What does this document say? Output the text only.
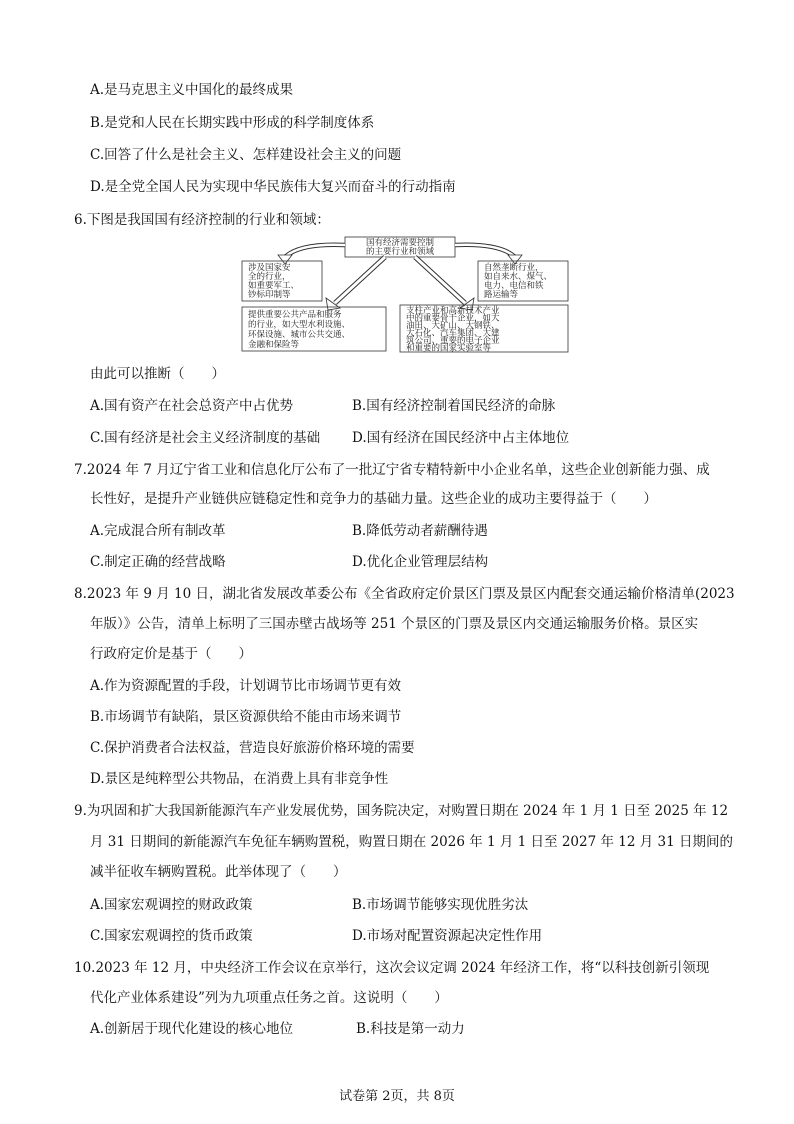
A.是马克思主义中国化的最终成果
B.是党和人民在长期实践中形成的科学制度体系
C.回答了什么是社会主义、怎样建设社会主义的问题
D.是全党全国人民为实现中华民族伟大复兴而奋斗的行动指南
6.下图是我国国有经济控制的行业和领域：
国有经济需要控制
的主要行业和领域
涉及国家安
全的行业，
如重要军工、
钞标印制等
自然垄断行业，
如自来水、煤气、
电力、电信和铁
路运输等
提供重要公共产品和服务
的行业，如大型水利设施、
环保设施、城市公共交通、
金融和保险等
支柱产业和高新技术产业
中的重要骨干企业，如大
油田、大矿山、大钢铁、
大石化、汽车集团、大建
筑公司、重要的电子企业
和重要的国家实验室等
由此可以推断（　　）
A.国有资产在社会总资产中占优势	B.国有经济控制着国民经济的命脉
C.国有经济是社会主义经济制度的基础 D.国有经济在国民经济中占主体地位
7.2024 年 7 月辽宁省工业和信息化厅公布了一批辽宁省专精特新中小企业名单，这些企业创新能力强、成
长性好，是提升产业链供应链稳定性和竞争力的基础力量。这些企业的成功主要得益于（　　）
A.完成混合所有制改革	B.降低劳动者薪酬待遇
C.制定正确的经营战略	D.优化企业管理层结构
8.2023 年 9 月 10 日，湖北省发展改革委公布《全省政府定价景区门票及景区内配套交通运输价格清单(2023
年版）》公告，清单上标明了三国赤壁古战场等 251 个景区的门票及景区内交通运输服务价格。景区实
行政府定价是基于（　　）
A.作为资源配置的手段，计划调节比市场调节更有效
B.市场调节有缺陷，景区资源供给不能由市场来调节
C.保护消费者合法权益，营造良好旅游价格环境的需要
D.景区是纯粹型公共物品，在消费上具有非竞争性
9.为巩固和扩大我国新能源汽车产业发展优势，国务院决定，对购置日期在 2024 年 1 月 1 日至 2025 年 12
月 31 日期间的新能源汽车免征车辆购置税，购置日期在 2026 年 1 月 1 日至 2027 年 12 月 31 日期间的
减半征收车辆购置税。此举体现了（　　）
A.国家宏观调控的财政政策	B.市场调节能够实现优胜劣汰
C.国家宏观调控的货币政策	D.市场对配置资源起决定性作用
10.2023 年 12 月，中央经济工作会议在京举行，这次会议定调 2024 年经济工作，将“以科技创新引领现
代化产业体系建设”列为九项重点任务之首。这说明（　　）
A.创新居于现代化建设的核心地位	B.科技是第一动力
试卷第 2页，共 8页
